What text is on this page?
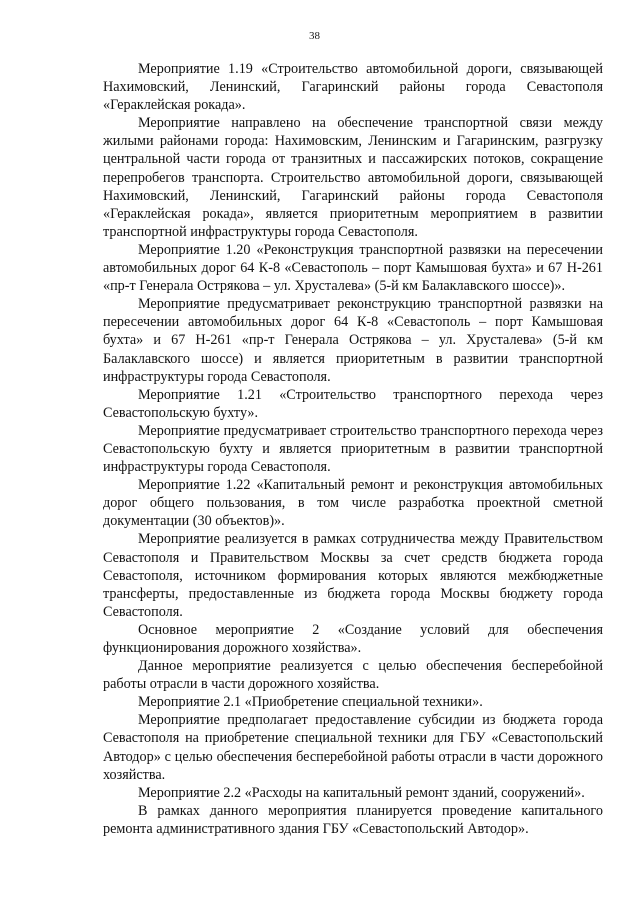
38

Мероприятие 1.19 «Строительство автомобильной дороги, связывающей Нахимовский, Ленинский, Гагаринский районы города Севастополя «Гераклейская рокада».

Мероприятие направлено на обеспечение транспортной связи между жилыми районами города: Нахимовским, Ленинским и Гагаринским, разгрузку центральной части города от транзитных и пассажирских потоков, сокращение перепробегов транспорта. Строительство автомобильной дороги, связывающей Нахимовский, Ленинский, Гагаринский районы города Севастополя «Гераклейская рокада», является приоритетным мероприятием в развитии транспортной инфраструктуры города Севастополя.

Мероприятие 1.20 «Реконструкция транспортной развязки на пересечении автомобильных дорог 64 К-8 «Севастополь – порт Камышовая бухта» и 67 Н-261 «пр-т Генерала Острякова – ул. Хрусталева» (5-й км Балаклавского шоссе)».

Мероприятие предусматривает реконструкцию транспортной развязки на пересечении автомобильных дорог 64 К-8 «Севастополь – порт Камышовая бухта» и 67 Н-261 «пр-т Генерала Острякова – ул. Хрусталева» (5-й км Балаклавского шоссе) и является приоритетным в развитии транспортной инфраструктуры города Севастополя.

Мероприятие 1.21 «Строительство транспортного перехода через Севастопольскую бухту».

Мероприятие предусматривает строительство транспортного перехода через Севастопольскую бухту и является приоритетным в развитии транспортной инфраструктуры города Севастополя.

Мероприятие 1.22 «Капитальный ремонт и реконструкция автомобильных дорог общего пользования, в том числе разработка проектной сметной документации (30 объектов)».

Мероприятие реализуется в рамках сотрудничества между Правительством Севастополя и Правительством Москвы за счет средств бюджета города Севастополя, источником формирования которых являются межбюджетные трансферты, предоставленные из бюджета города Москвы бюджету города Севастополя.

Основное мероприятие 2 «Создание условий для обеспечения функционирования дорожного хозяйства».

Данное мероприятие реализуется с целью обеспечения бесперебойной работы отрасли в части дорожного хозяйства.

Мероприятие 2.1 «Приобретение специальной техники».

Мероприятие предполагает предоставление субсидии из бюджета города Севастополя на приобретение специальной техники для ГБУ «Севастопольский Автодор» с целью обеспечения бесперебойной работы отрасли в части дорожного хозяйства.

Мероприятие 2.2 «Расходы на капитальный ремонт зданий, сооружений».

В рамках данного мероприятия планируется проведение капитального ремонта административного здания ГБУ «Севастопольский Автодор».
